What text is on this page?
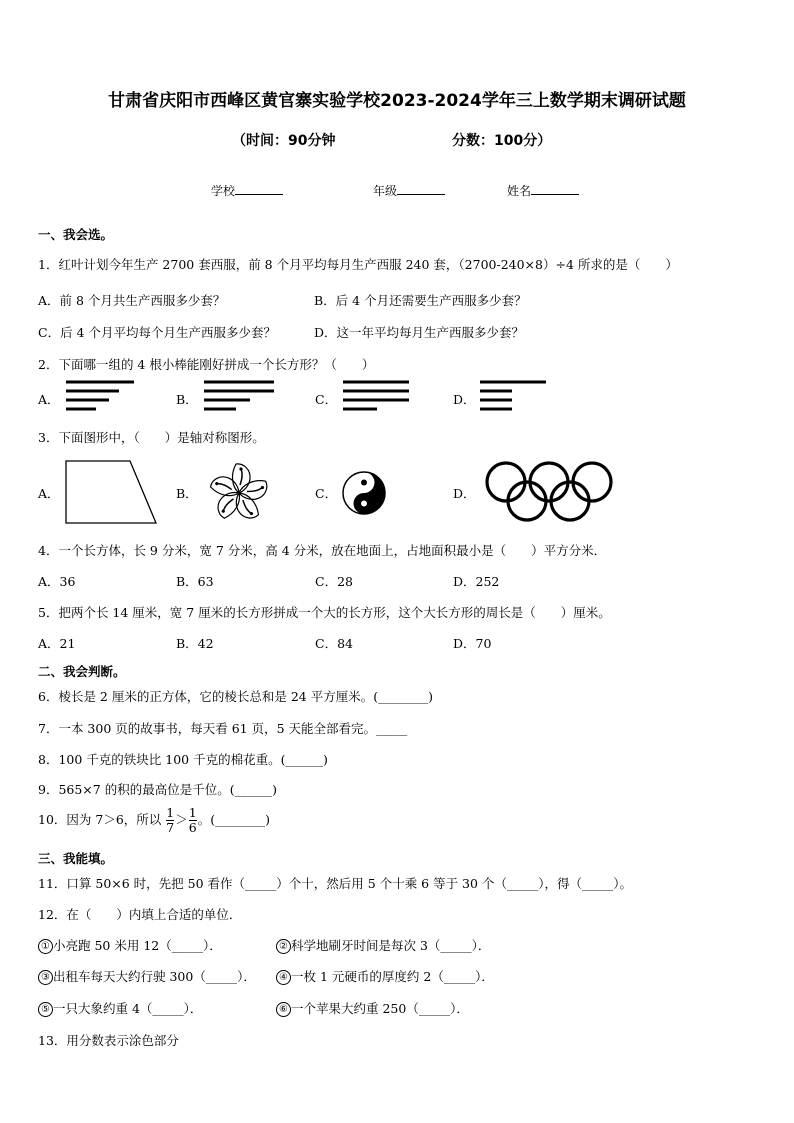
甘肃省庆阳市西峰区黄官寨实验学校2023-2024学年三上数学期末调研试题
（时间：90分钟	分数：100分）
学校	年级	姓名
一、我会选。
1．红叶计划今年生产 2700 套西服，前 8 个月平均每月生产西服 240 套，（2700-240×8）÷4 所求的是（　　）
A．前 8 个月共生产西服多少套？	B．后 4 个月还需要生产西服多少套？
C．后 4 个月平均每个月生产西服多少套？	D．这一年平均每月生产西服多少套？
2．下面哪一组的 4 根小棒能刚好拼成一个长方形？（　　）
A．	B．	C．	D．
3．下面图形中，（　　）是轴对称图形。
A．	B．	C．	D．
4．一个长方体，长 9 分米，宽 7 分米，高 4 分米，放在地面上，占地面积最小是（　　）平方分米．
A．36	B．63	C．28	D．252
5．把两个长 14 厘米，宽 7 厘米的长方形拼成一个大的长方形，这个大长方形的周长是（　　）厘米。
A．21	B．42	C．84	D．70
二、我会判断。
6．棱长是 2 厘米的正方体，它的棱长总和是 24 平方厘米。(________)
7．一本 300 页的故事书，每天看 61 页，5 天能全部看完。_____
8．100 千克的铁块比 100 千克的棉花重。(______)
9．565×7 的积的最高位是千位。(______)
10．因为 7＞6，所以 $\frac{1}{7} > \frac{1}{6}$ 。(________)
三、我能填。
11．口算 50×6 时，先把 50 看作（_____）个十，然后用 5 个十乘 6 等于 30 个（_____），得（_____）。
12．在（　　）内填上合适的单位．
① 小亮跑 50 米用 12（_____）．	② 科学地刷牙时间是每次 3（_____）．
③ 出租车每天大约行驶 300（_____）．	④ 一枚 1 元硬币的厚度约 2（_____）．
⑤ 一只大象约重 4（_____）．	⑥ 一个苹果大约重 250（_____）．
13．用分数表示涂色部分
